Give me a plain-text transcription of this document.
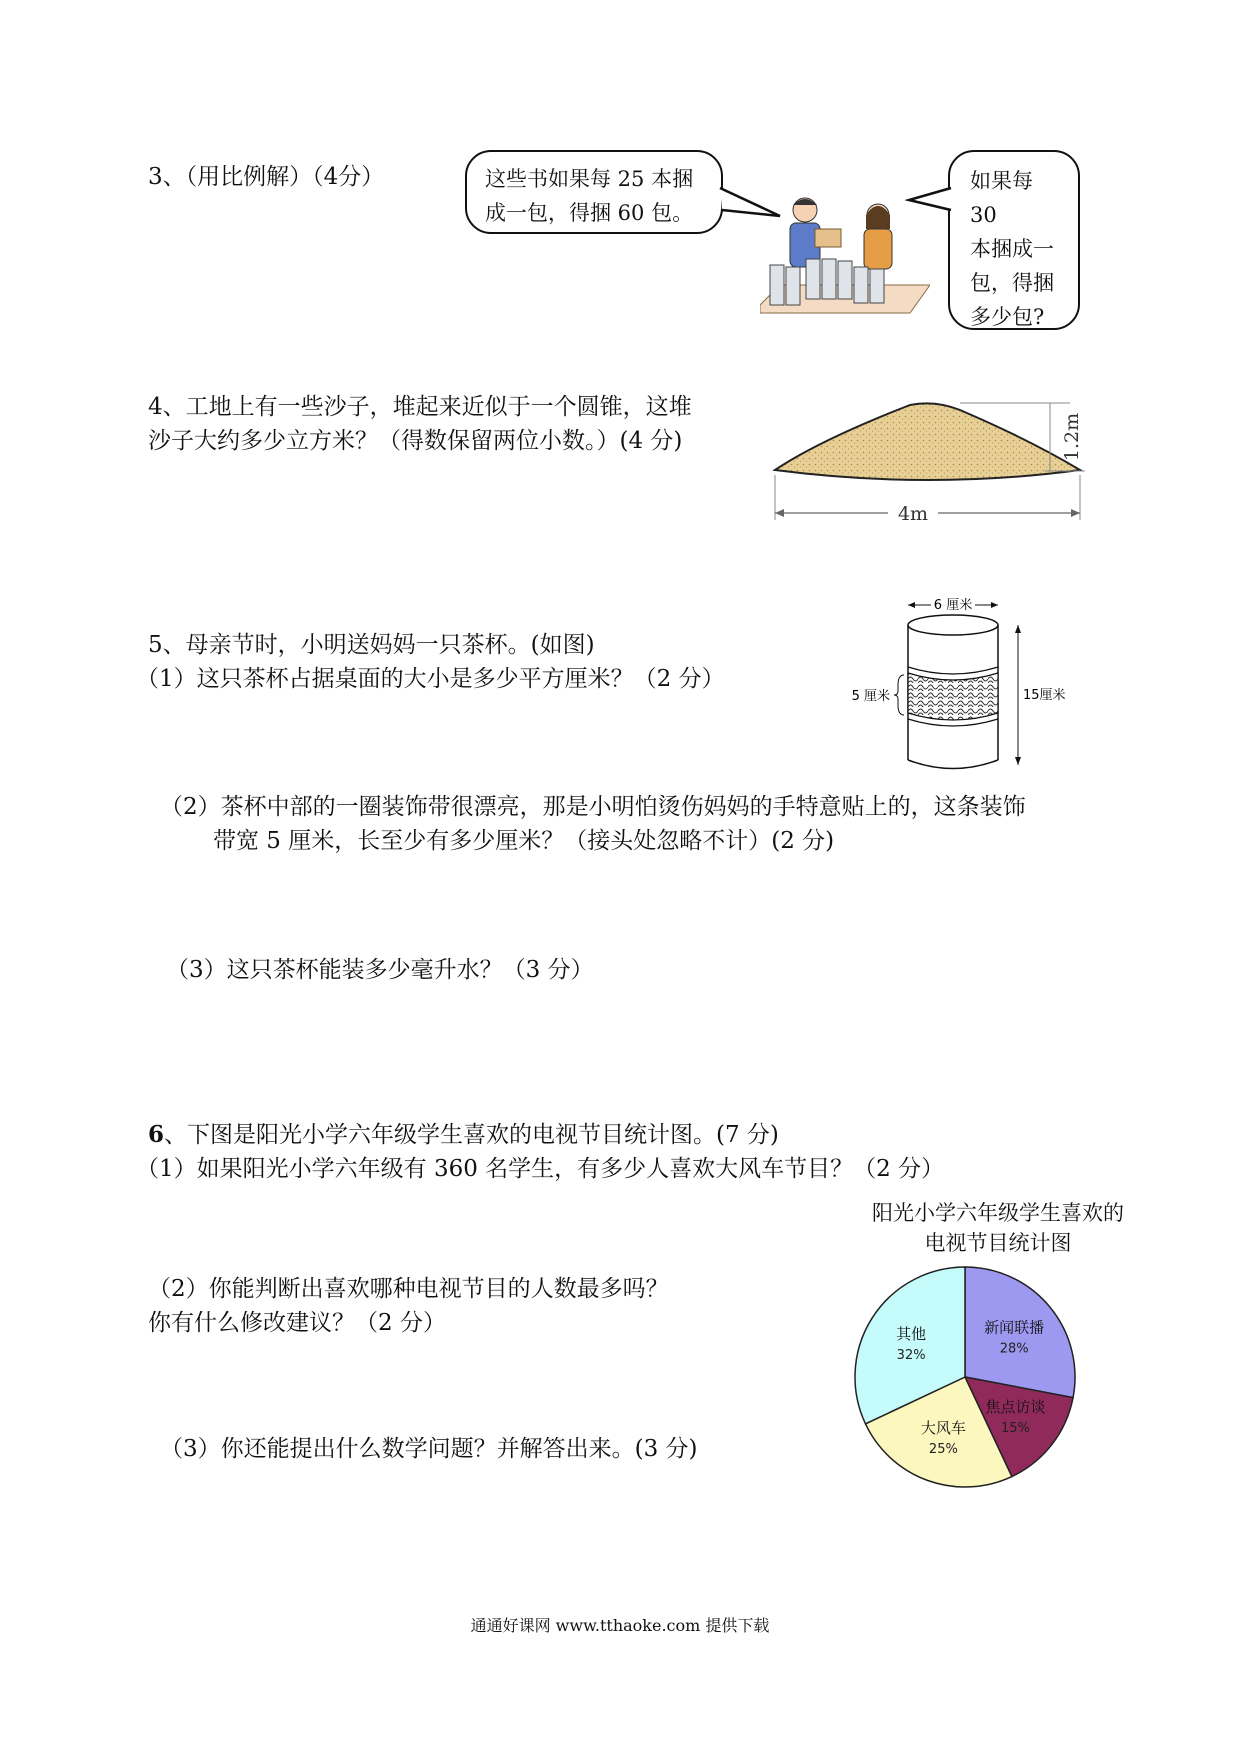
3、（用比例解）（4分）	这些书如果每 25 本捆
成一包，得捆 60 包。
如果每 30
本捆成一
包，得捆
多少包?
4、工地上有一些沙子，堆起来近似于一个圆锥，这堆
沙子大约多少立方米？（得数保留两位小数。）(4 分)
4m
1.2m
5、母亲节时，小明送妈妈一只茶杯。(如图)
（1）这只茶杯占据桌面的大小是多少平方厘米？（2 分）
6 厘米
5 厘米	15厘米
（2）茶杯中部的一圈装饰带很漂亮，那是小明怕烫伤妈妈的手特意贴上的，这条装饰
带宽 5 厘米，长至少有多少厘米？（接头处忽略不计）(2 分)
（3）这只茶杯能装多少毫升水？（3 分）
6、下图是阳光小学六年级学生喜欢的电视节目统计图。(7 分)
（1）如果阳光小学六年级有 360 名学生，有多少人喜欢大风车节目？（2 分）
（2）你能判断出喜欢哪种电视节目的人数最多吗？
你有什么修改建议？（2 分）
（3）你还能提出什么数学问题？并解答出来。(3 分)
阳光小学六年级学生喜欢的
电视节目统计图
新闻联播
28%
焦点访谈
15%
大风车
25%
其他
32%
通通好课网 www.tthaoke.com 提供下载
